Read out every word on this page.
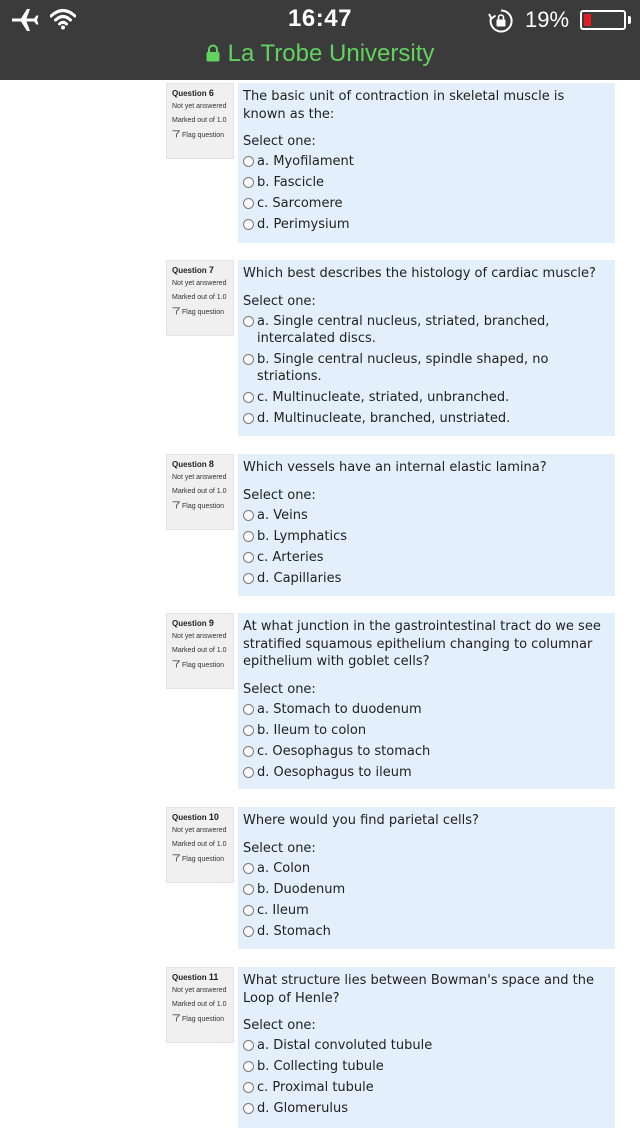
16:47	19%
La Trobe University
Question 6
Not yet answered
Marked out of 1.0
Flag question
The basic unit of contraction in skeletal muscle is known as the:
Select one:
a. Myofilament
b. Fascicle
c. Sarcomere
d. Perimysium
Question 7
Not yet answered
Marked out of 1.0
Flag question
Which best describes the histology of cardiac muscle?
Select one:
a. Single central nucleus, striated, branched, intercalated discs.
b. Single central nucleus, spindle shaped, no striations.
c. Multinucleate, striated, unbranched.
d. Multinucleate, branched, unstriated.
Question 8
Not yet answered
Marked out of 1.0
Flag question
Which vessels have an internal elastic lamina?
Select one:
a. Veins
b. Lymphatics
c. Arteries
d. Capillaries
Question 9
Not yet answered
Marked out of 1.0
Flag question
At what junction in the gastrointestinal tract do we see stratified squamous epithelium changing to columnar epithelium with goblet cells?
Select one:
a. Stomach to duodenum
b. Ileum to colon
c. Oesophagus to stomach
d. Oesophagus to ileum
Question 10
Not yet answered
Marked out of 1.0
Flag question
Where would you find parietal cells?
Select one:
a. Colon
b. Duodenum
c. Ileum
d. Stomach
Question 11
Not yet answered
Marked out of 1.0
Flag question
What structure lies between Bowman's space and the Loop of Henle?
Select one:
a. Distal convoluted tubule
b. Collecting tubule
c. Proximal tubule
d. Glomerulus
